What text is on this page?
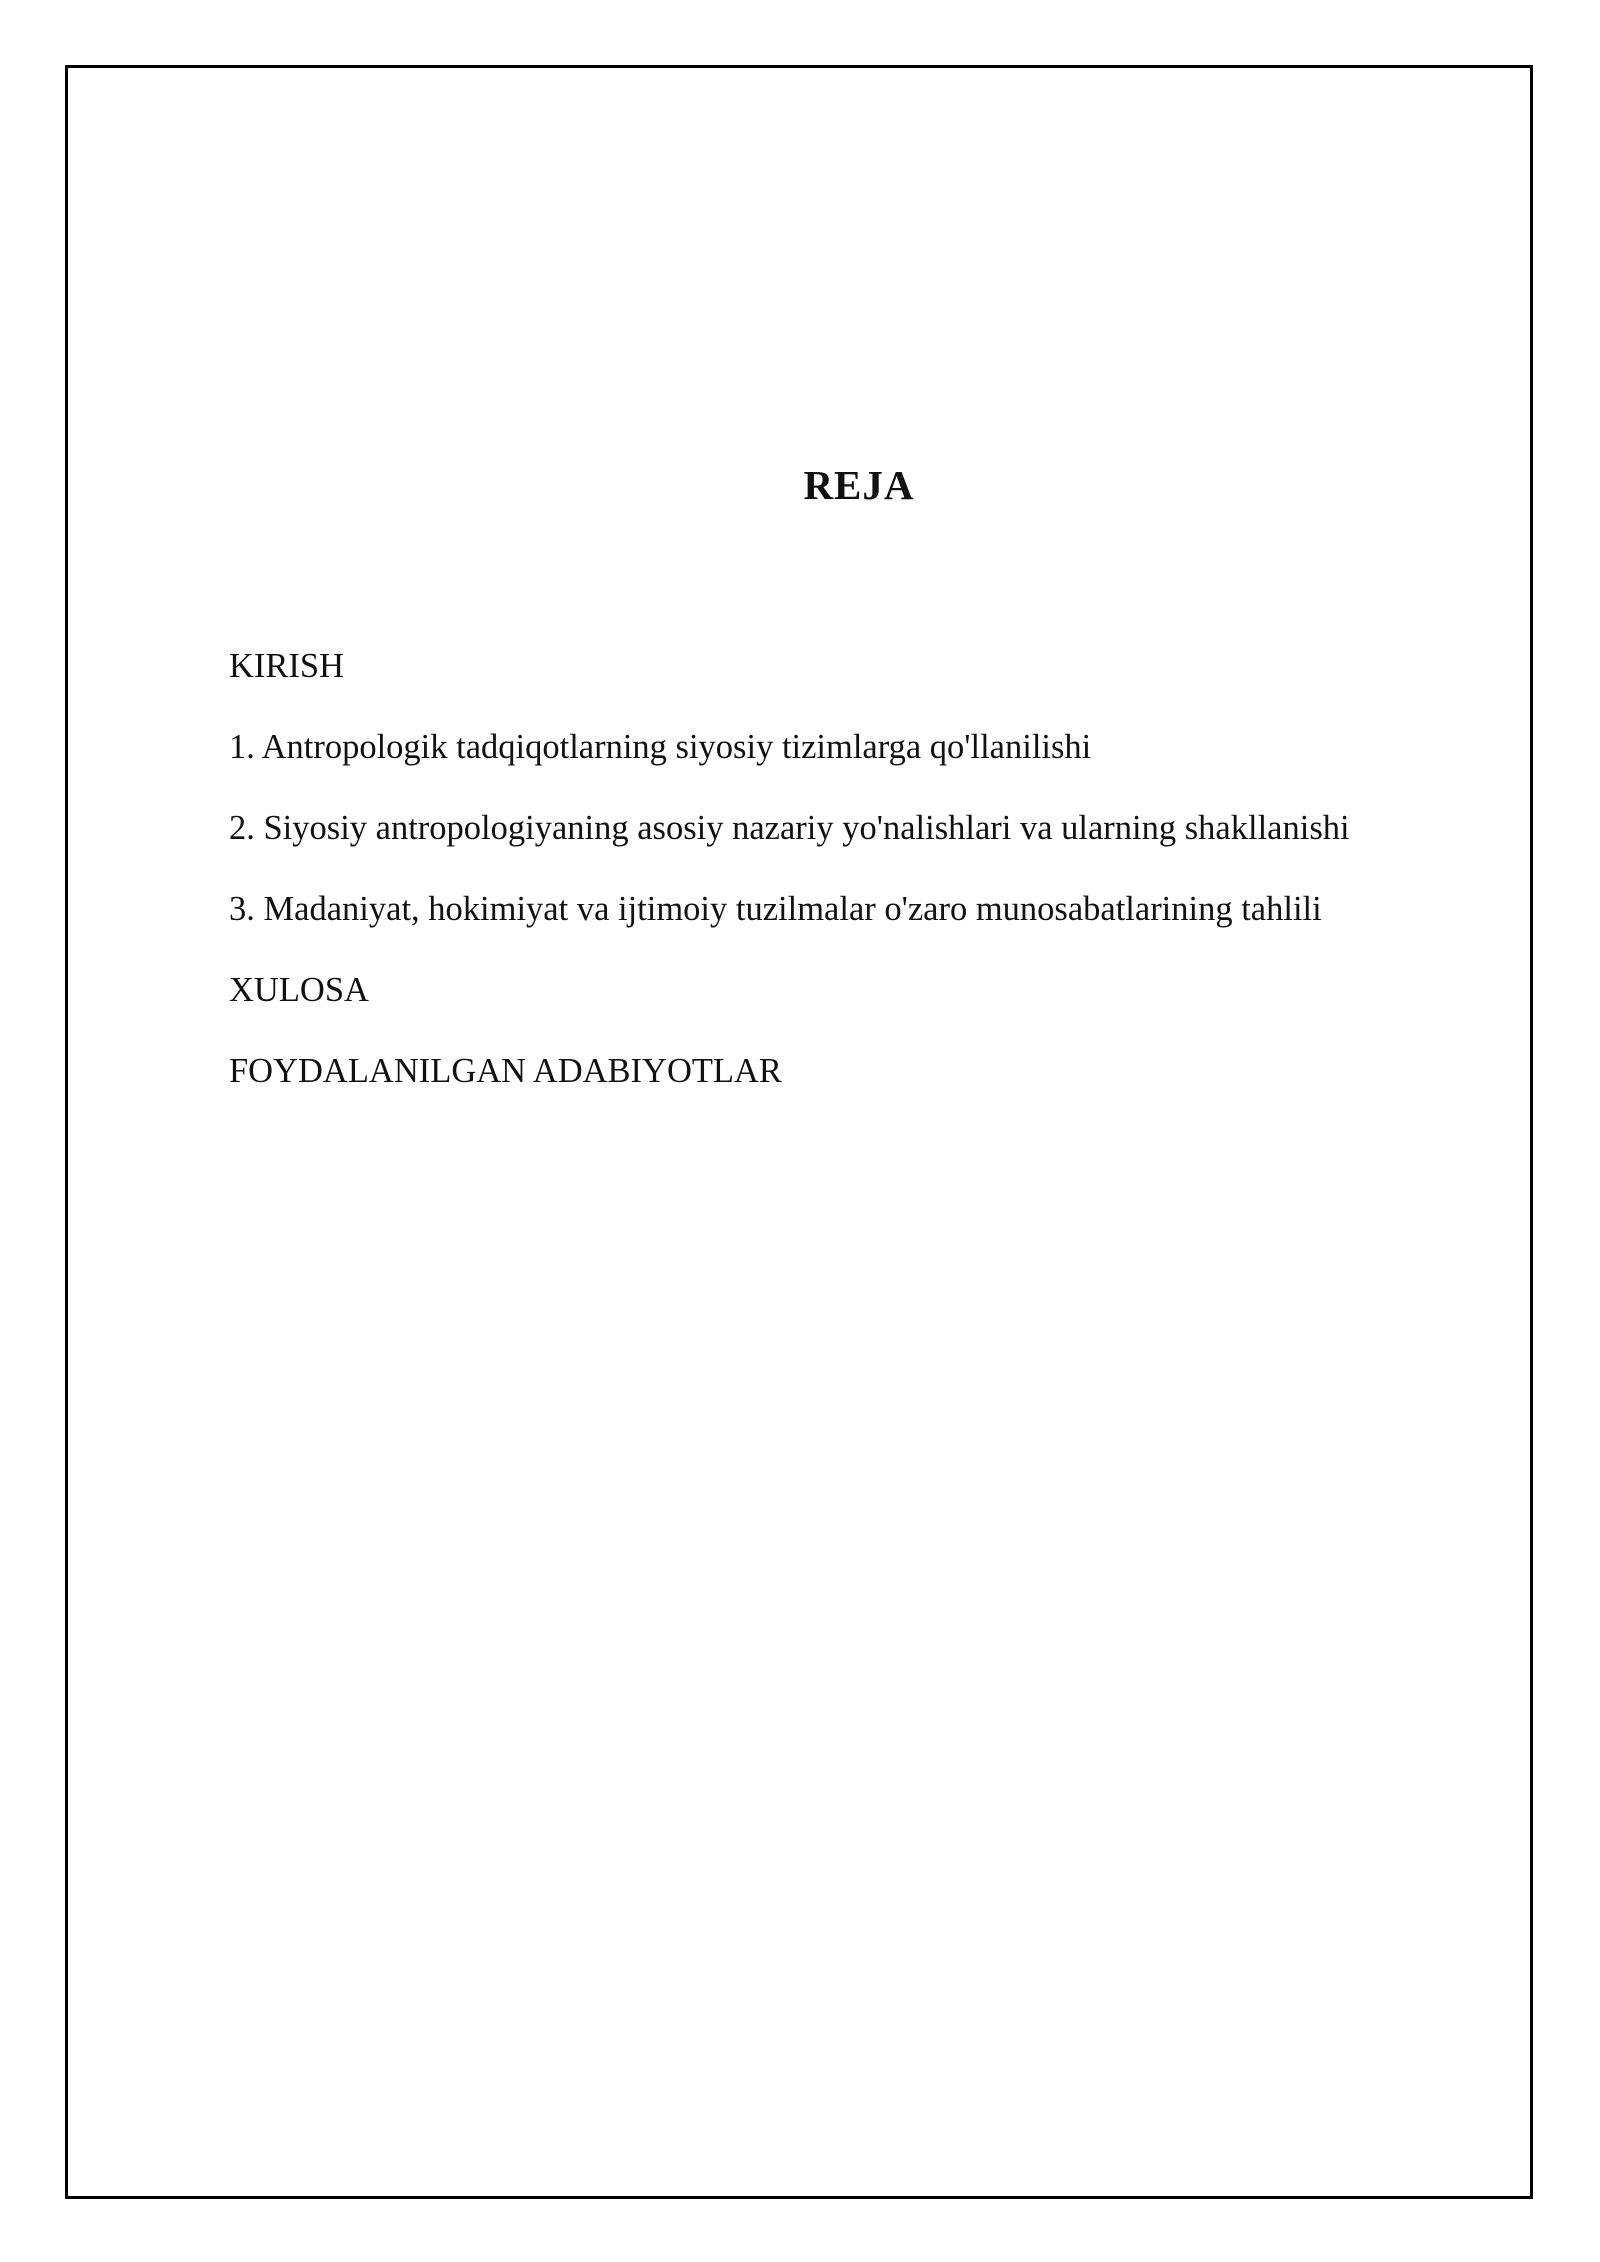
REJA
KIRISH
1. Antropologik tadqiqotlarning siyosiy tizimlarga qo'llanilishi
2. Siyosiy antropologiyaning asosiy nazariy yo'nalishlari va ularning shakllanishi
3. Madaniyat, hokimiyat va ijtimoiy tuzilmalar o'zaro munosabatlarining tahlili
XULOSA
FOYDALANILGAN ADABIYOTLAR
